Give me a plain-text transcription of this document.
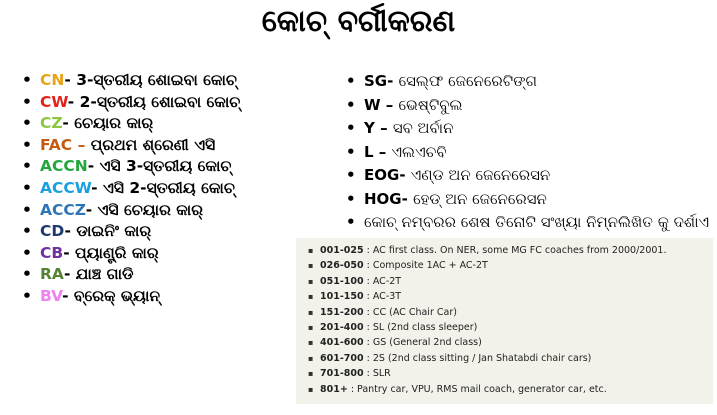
କୋଚ୍ ବର୍ଗୀକରଣ
• CN- 3-ସ୍ତରୀୟ ଶୋଇବା କୋଚ୍
• CW- 2-ସ୍ତରୀୟ ଶୋଇବା କୋଚ୍
• CZ- ଚେୟାର କାର୍
• FAC – ପ୍ରଥମ ଶ୍ରେଣୀ ଏସି
• ACCN- ଏସି 3-ସ୍ତରୀୟ କୋଚ୍
• ACCW- ଏସି 2-ସ୍ତରୀୟ କୋଚ୍
• ACCZ- ଏସି ଚେୟାର କାର୍
• CD- ଡାଇନିଂ କାର୍
• CB- ପ୍ୟାଣ୍ଟ୍ରି କାର୍
• RA- ଯାଞ୍ଚ ଗାଡି
• BV- ବ୍ରେକ୍ ଭ୍ୟାନ୍
• SG- ସେଲ୍ଫ ଜେନେରେଟିଙ୍ଗ
• W – ଭେଷ୍ଟିବୁଲ
• Y – ସବ ଅର୍ବାନ
• L – ଏଲଏଚବି
• EOG- ଏଣ୍ଡ ଅନ ଜେନେରେସନ
• HOG- ହେଡ୍ ଅନ ଜେନେରେସନ
• କୋଚ୍ ନମ୍ବରର ଶେଷ ତିନୋଟି ସଂଖ୍ୟା ନିମ୍ନଲିଖିତ କୁ ଦର୍ଶାଏ
▪ 001-025 : AC first class. On NER, some MG FC coaches from 2000/2001.
▪ 026-050 : Composite 1AC + AC-2T
▪ 051-100 : AC-2T
▪ 101-150 : AC-3T
▪ 151-200 : CC (AC Chair Car)
▪ 201-400 : SL (2nd class sleeper)
▪ 401-600 : GS (General 2nd class)
▪ 601-700 : 2S (2nd class sitting / Jan Shatabdi chair cars)
▪ 701-800 : SLR
▪ 801+ : Pantry car, VPU, RMS mail coach, generator car, etc.
